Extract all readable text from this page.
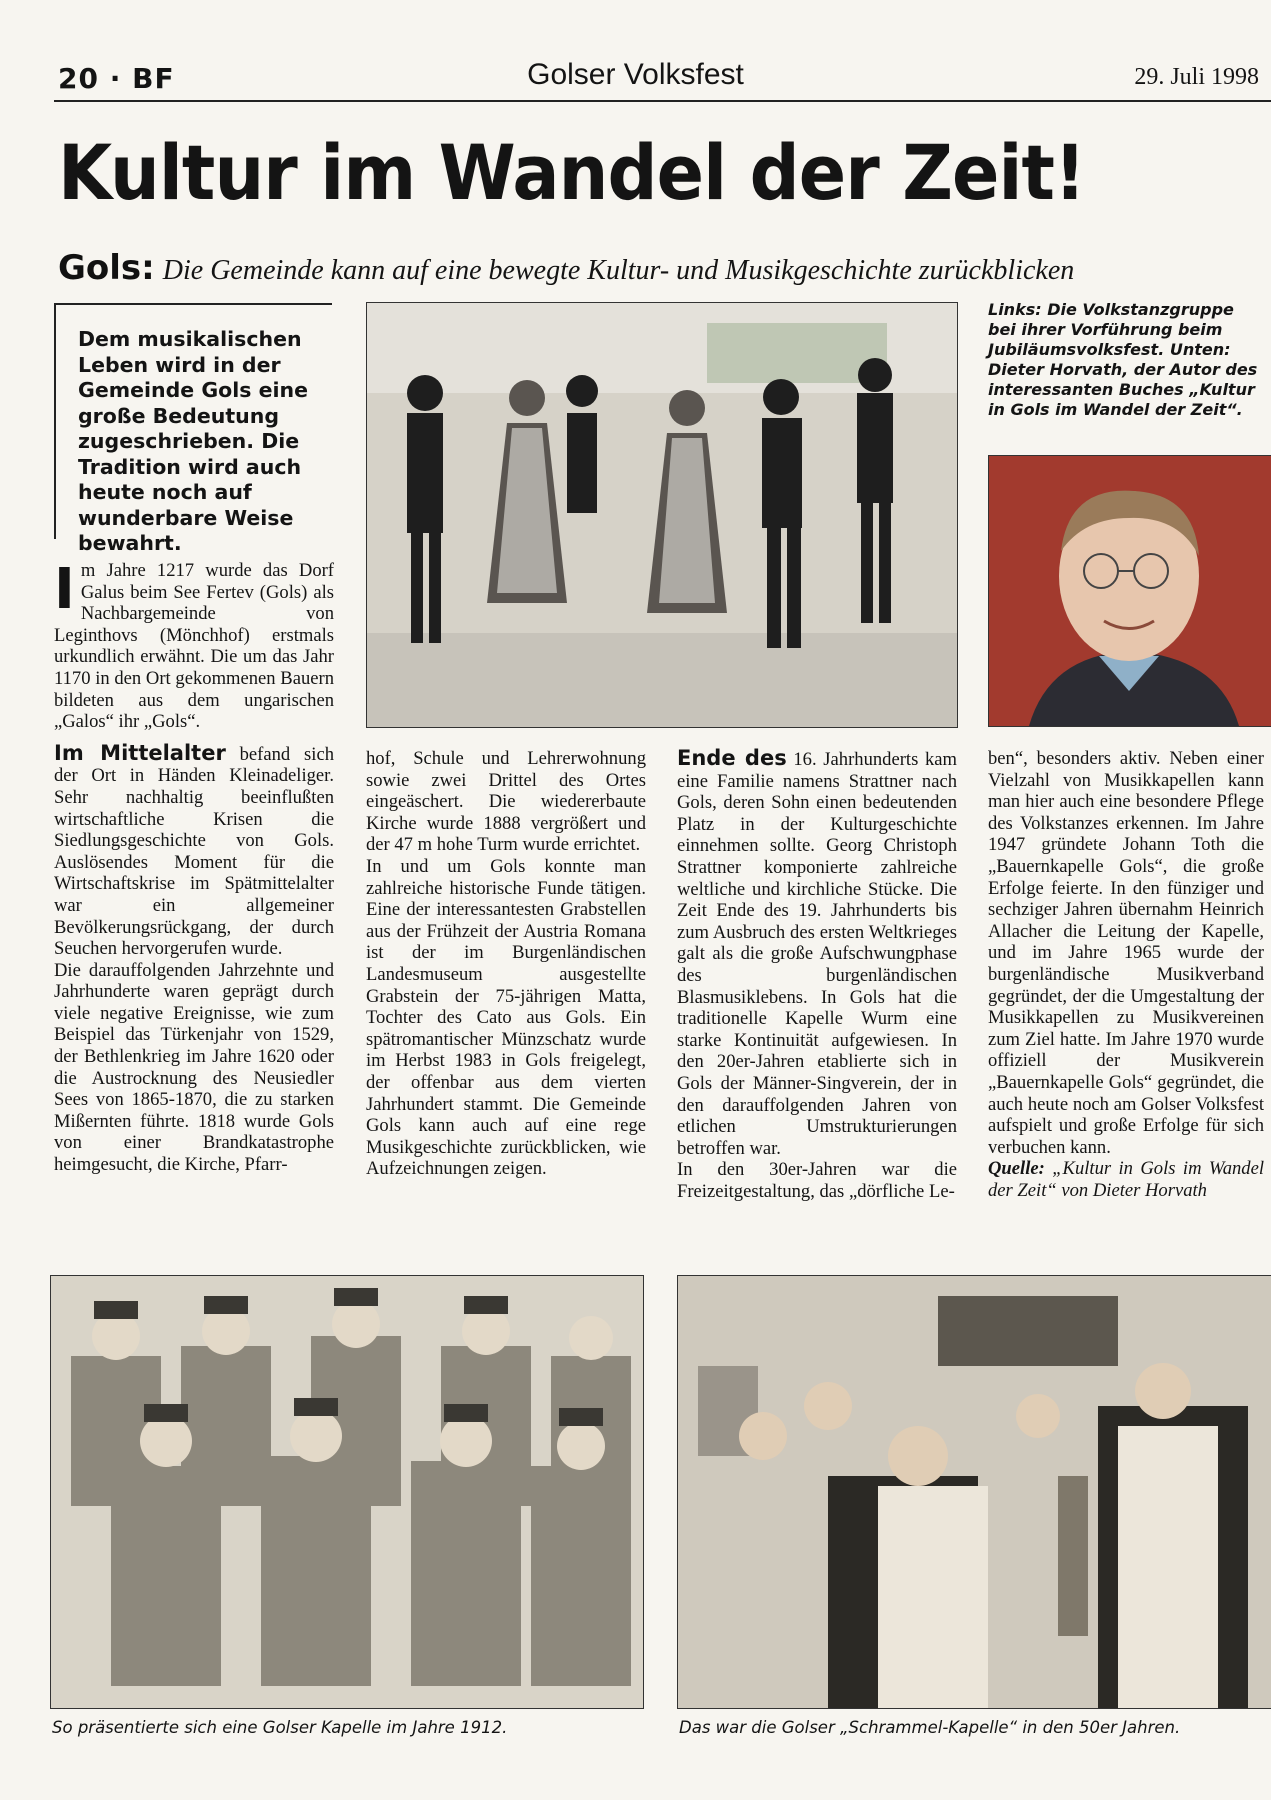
20 · BF	Golser Volksfest	29. Juli 1998
Kultur im Wandel der Zeit!
Gols: Die Gemeinde kann auf eine bewegte Kultur- und Musikgeschichte zurückblicken
Dem musikalischen Leben wird in der Gemeinde Gols eine große Bedeutung zugeschrieben. Die Tradition wird auch heute noch auf wunderbare Weise bewahrt.
Links: Die Volkstanzgruppe bei ihrer Vorführung beim Jubiläumsvolksfest. Unten: Dieter Horvath, der Autor des interessanten Buches „Kultur in Gols im Wandel der Zeit“.

Im Jahre 1217 wurde das Dorf Galus beim See Fertev (Gols) als Nachbargemeinde von Leginthovs (Mönchhof) erstmals urkundlich erwähnt. Die um das Jahr 1170 in den Ort gekommenen Bauern bildeten aus dem ungarischen „Galos“ ihr „Gols“.

Im Mittelalter befand sich der Ort in Händen Kleinadeliger. Sehr nachhaltig beeinflußten wirtschaftliche Krisen die Siedlungsgeschichte von Gols. Auslösendes Moment für die Wirtschaftskrise im Spätmittelalter war ein allgemeiner Bevölkerungsrückgang, der durch Seuchen hervorgerufen wurde.

Die darauffolgenden Jahrzehnte und Jahrhunderte waren geprägt durch viele negative Ereignisse, wie zum Beispiel das Türkenjahr von 1529, der Bethlenkrieg im Jahre 1620 oder die Austrocknung des Neusiedler Sees von 1865-1870, die zu starken Mißernten führte. 1818 wurde Gols von einer Brandkatastrophe heimgesucht, die Kirche, Pfarr-

hof, Schule und Lehrerwohnung sowie zwei Drittel des Ortes eingeäschert. Die wiedererbaute Kirche wurde 1888 vergrößert und der 47 m hohe Turm wurde errichtet.

In und um Gols konnte man zahlreiche historische Funde tätigen. Eine der interessantesten Grabstellen aus der Frühzeit der Austria Romana ist der im Burgenländischen Landesmuseum ausgestellte Grabstein der 75-jährigen Matta, Tochter des Cato aus Gols. Ein spätromantischer Münzschatz wurde im Herbst 1983 in Gols freigelegt, der offenbar aus dem vierten Jahrhundert stammt. Die Gemeinde Gols kann auch auf eine rege Musikgeschichte zurückblicken, wie Aufzeichnungen zeigen.

Ende des 16. Jahrhunderts kam eine Familie namens Strattner nach Gols, deren Sohn einen bedeutenden Platz in der Kulturgeschichte einnehmen sollte. Georg Christoph Strattner komponierte zahlreiche weltliche und kirchliche Stücke. Die Zeit Ende des 19. Jahrhunderts bis zum Ausbruch des ersten Weltkrieges galt als die große Aufschwungphase des burgenländischen Blasmusiklebens. In Gols hat die traditionelle Kapelle Wurm eine starke Kontinuität aufgewiesen. In den 20er-Jahren etablierte sich in Gols der Männer-Singverein, der in den darauffolgenden Jahren von etlichen Umstrukturierungen betroffen war.

In den 30er-Jahren war die Freizeitgestaltung, das „dörfliche Le-

ben“, besonders aktiv. Neben einer Vielzahl von Musikkapellen kann man hier auch eine besondere Pflege des Volkstanzes erkennen. Im Jahre 1947 gründete Johann Toth die „Bauernkapelle Gols“, die große Erfolge feierte. In den fünziger und sechziger Jahren übernahm Heinrich Allacher die Leitung der Kapelle, und im Jahre 1965 wurde der burgenländische Musikverband gegründet, der die Umgestaltung der Musikkapellen zu Musikvereinen zum Ziel hatte. Im Jahre 1970 wurde offiziell der Musikverein „Bauernkapelle Gols“ gegründet, die auch heute noch am Golser Volksfest aufspielt und große Erfolge für sich verbuchen kann.

Quelle: „Kultur in Gols im Wandel der Zeit“ von Dieter Horvath

So präsentierte sich eine Golser Kapelle im Jahre 1912.	Das war die Golser „Schrammel-Kapelle“ in den 50er Jahren.
